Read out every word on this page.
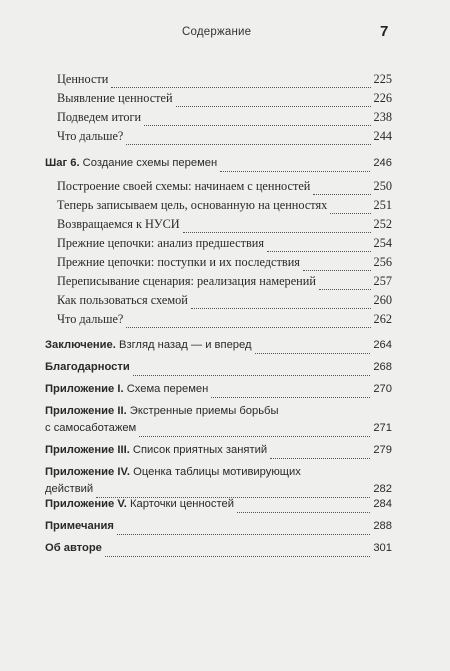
Содержание	7
Ценности	225
Выявление ценностей	226
Подведем итоги	238
Что дальше?	244
Шаг 6. Создание схемы перемен	246
Построение своей схемы: начинаем с ценностей	250
Теперь записываем цель, основанную на ценностях	251
Возвращаемся к НУСИ	252
Прежние цепочки: анализ предшествия	254
Прежние цепочки: поступки и их последствия	256
Переписывание сценария: реализация намерений	257
Как пользоваться схемой	260
Что дальше?	262
Заключение. Взгляд назад — и вперед	264
Благодарности	268
Приложение I. Схема перемен	270
Приложение II. Экстренные приемы борьбы
с самосаботажем	271
Приложение III. Список приятных занятий	279
Приложение IV. Оценка таблицы мотивирующих
действий	282
Приложение V. Карточки ценностей	284
Примечания	288
Об авторе	301
